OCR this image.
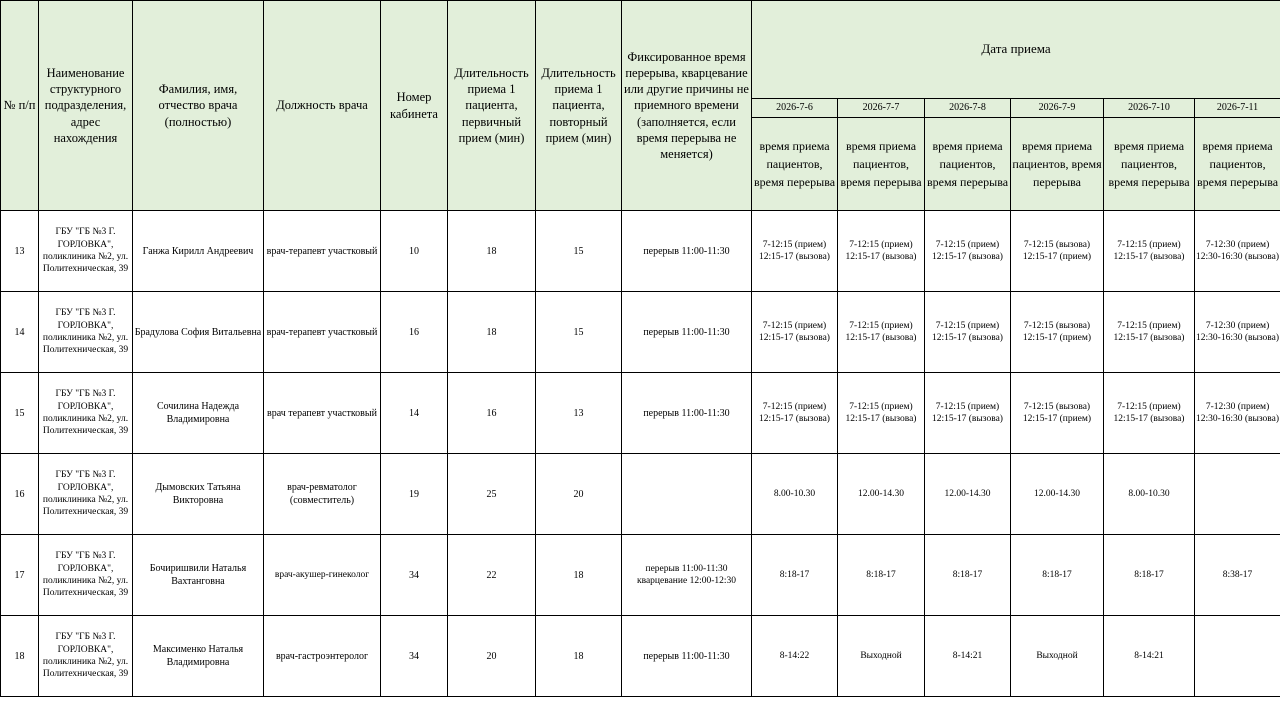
№ п/п	Наименование структурного подразделения, адрес нахождения	Фамилия, имя, отчество врача (полностью)	Должность врача	Номер кабинета	Длительность приема 1 пациента, первичный прием (мин)	Длительность приема 1 пациента, повторный прием (мин)	Фиксированное время перерыва, кварцевание или другие причины не приемного времени (заполняется, если время перерыва не меняется)	Дата приема					
								2026-7-6	2026-7-7	2026-7-8	2026-7-9	2026-7-10	2026-7-11
								время приема пациентов, время перерыва	время приема пациентов, время перерыва	время приема пациентов, время перерыва	время приема пациентов, время перерыва	время приема пациентов, время перерыва	время приема пациентов, время перерыва
13	ГБУ "ГБ №3 Г. ГОРЛОВКА", поликлиника №2, ул. Политехническая, 39	Ганжа Кирилл Андреевич	врач-терапевт участковый	10	18	15	перерыв 11:00-11:30	7-12:15 (прием) 12:15-17 (вызова)	7-12:15 (прием) 12:15-17 (вызова)	7-12:15 (прием) 12:15-17 (вызова)	7-12:15 (вызова) 12:15-17 (прием)	7-12:15 (прием) 12:15-17 (вызова)	7-12:30 (прием) 12:30-16:30 (вызова)
14	ГБУ "ГБ №3 Г. ГОРЛОВКА", поликлиника №2, ул. Политехническая, 39	Брадулова София Витальевна	врач-терапевт участковый	16	18	15	перерыв 11:00-11:30	7-12:15 (прием) 12:15-17 (вызова)	7-12:15 (прием) 12:15-17 (вызова)	7-12:15 (прием) 12:15-17 (вызова)	7-12:15 (вызова) 12:15-17 (прием)	7-12:15 (прием) 12:15-17 (вызова)	7-12:30 (прием) 12:30-16:30 (вызова)
15	ГБУ "ГБ №3 Г. ГОРЛОВКА", поликлиника №2, ул. Политехническая, 39	Сочилина Надежда Владимировна	врач терапевт участковый	14	16	13	перерыв 11:00-11:30	7-12:15 (прием) 12:15-17 (вызова)	7-12:15 (прием) 12:15-17 (вызова)	7-12:15 (прием) 12:15-17 (вызова)	7-12:15 (вызова) 12:15-17 (прием)	7-12:15 (прием) 12:15-17 (вызова)	7-12:30 (прием) 12:30-16:30 (вызова)
16	ГБУ "ГБ №3 Г. ГОРЛОВКА", поликлиника №2, ул. Политехническая, 39	Дымовских Татьяна Викторовна	врач-ревматолог (совместитель)	19	25	20		8.00-10.30	12.00-14.30	12.00-14.30	12.00-14.30	8.00-10.30	
17	ГБУ "ГБ №3 Г. ГОРЛОВКА", поликлиника №2, ул. Политехническая, 39	Бочиришвили Наталья Вахтанговна	врач-акушер-гинеколог	34	22	18	перерыв 11:00-11:30 кварцевание 12:00-12:30	8:18-17	8:18-17	8:18-17	8:18-17	8:18-17	8:38-17
18	ГБУ "ГБ №3 Г. ГОРЛОВКА", поликлиника №2, ул. Политехническая, 39	Максименко Наталья Владимировна	врач-гастроэнтеролог	34	20	18	перерыв 11:00-11:30	8-14:22	Выходной	8-14:21	Выходной	8-14:21	
